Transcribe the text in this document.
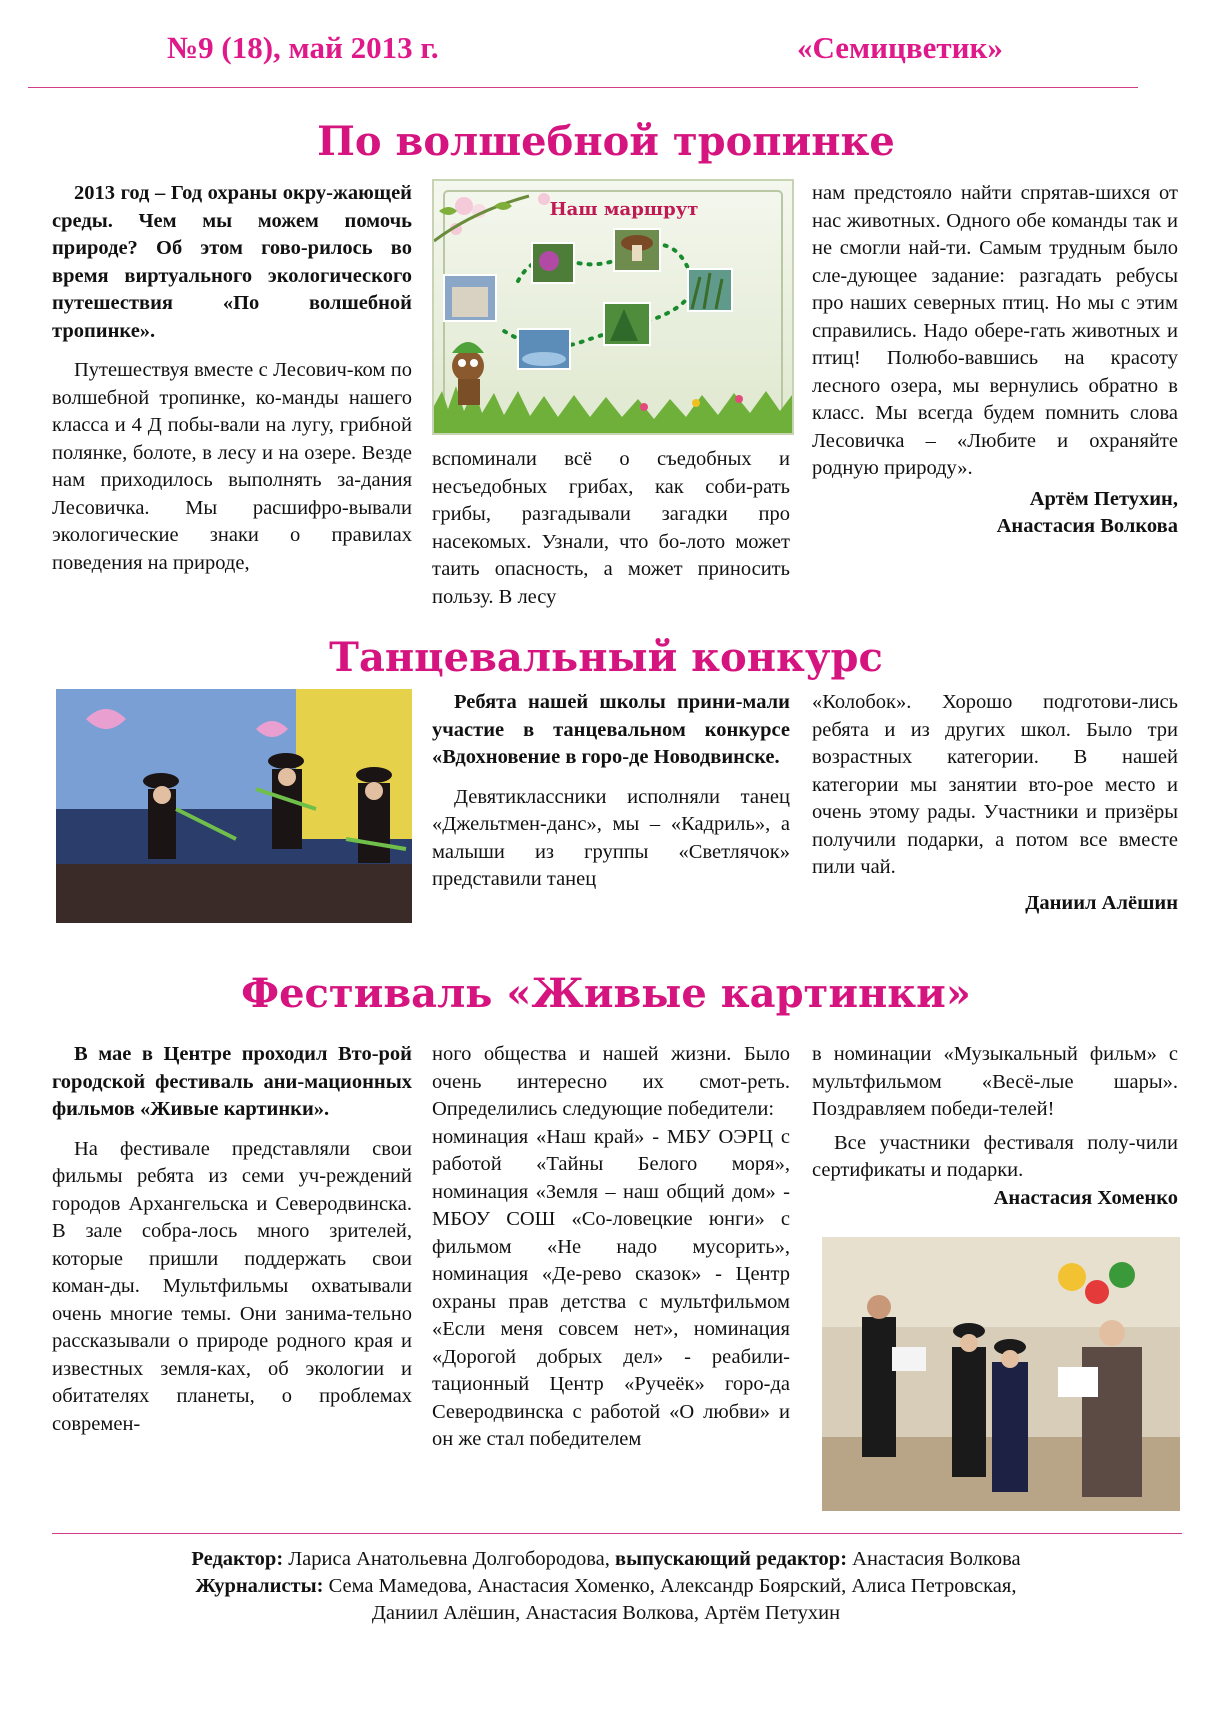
№9 (18), май 2013 г.	«Семицветик»
По волшебной тропинке

2013 год – Год охраны окру-жающей среды. Чем мы можем помочь природе? Об этом гово-рилось во время виртуального экологического путешествия «По волшебной тропинке».

Путешествуя вместе с Лесович-ком по волшебной тропинке, ко-манды нашего класса и 4 Д побы-вали на лугу, грибной полянке, болоте, в лесу и на озере. Везде нам приходилось выполнять за-дания Лесовичка. Мы расшифро-вывали экологические знаки о правилах поведения на природе,

Наш маршрут

вспоминали всё о съедобных и несъедобных грибах, как соби-рать грибы, разгадывали загадки про насекомых. Узнали, что бо-лото может таить опасность, а может приносить пользу. В лесу

нам предстояло найти спрятав-шихся от нас животных. Одного обе команды так и не смогли най-ти. Самым трудным было сле-дующее задание: разгадать ребусы про наших северных птиц. Но мы с этим справились. Надо обере-гать животных и птиц! Полюбо-вавшись на красоту лесного озера, мы вернулись обратно в класс. Мы всегда будем помнить слова Лесовичка – «Любите и охраняйте родную природу».

Артём Петухин,

Анастасия Волкова

Танцевальный конкурс

Ребята нашей школы прини-мали участие в танцевальном конкурсе «Вдохновение в горо-де Новодвинске.

Девятиклассники исполняли танец «Джельтмен-данс», мы – «Кадриль», а малыши из группы «Светлячок» представили танец

«Колобок». Хорошо подготови-лись ребята и из других школ. Было три возрастных категории. В нашей категории мы занятии вто-рое место и очень этому рады. Участники и призёры получили подарки, а потом все вместе пили чай.

Даниил Алёшин

Фестиваль «Живые картинки»

В мае в Центре проходил Вто-рой городской фестиваль ани-мационных фильмов «Живые картинки».

На фестивале представляли свои фильмы ребята из семи уч-реждений городов Архангельска и Северодвинска. В зале собра-лось много зрителей, которые пришли поддержать свои коман-ды. Мультфильмы охватывали очень многие темы. Они занима-тельно рассказывали о природе родного края и известных земля-ках, об экологии и обитателях планеты, о проблемах современ-

ного общества и нашей жизни. Было очень интересно их смот-реть. Определились следующие победители:

номинация «Наш край» - МБУ ОЭРЦ с работой «Тайны Белого моря», номинация «Земля – наш общий дом» - МБОУ СОШ «Со-ловецкие юнги» с фильмом «Не надо мусорить», номинация «Де-рево сказок» - Центр охраны прав детства с мультфильмом «Если меня совсем нет», номинация «Дорогой добрых дел» - реабили-тационный Центр «Ручеёк» горо-да Северодвинска с работой «О любви» и он же стал победителем

в номинации «Музыкальный фильм» с мультфильмом «Весё-лые шары». Поздравляем победи-телей!

Все участники фестиваля полу-чили сертификаты и подарки.

Анастасия Хоменко

Редактор: Лариса Анатольевна Долгобородова, выпускающий редактор: Анастасия Волкова
Журналисты: Сема Мамедова, Анастасия Хоменко, Александр Боярский, Алиса Петровская,
Даниил Алёшин, Анастасия Волкова, Артём Петухин
